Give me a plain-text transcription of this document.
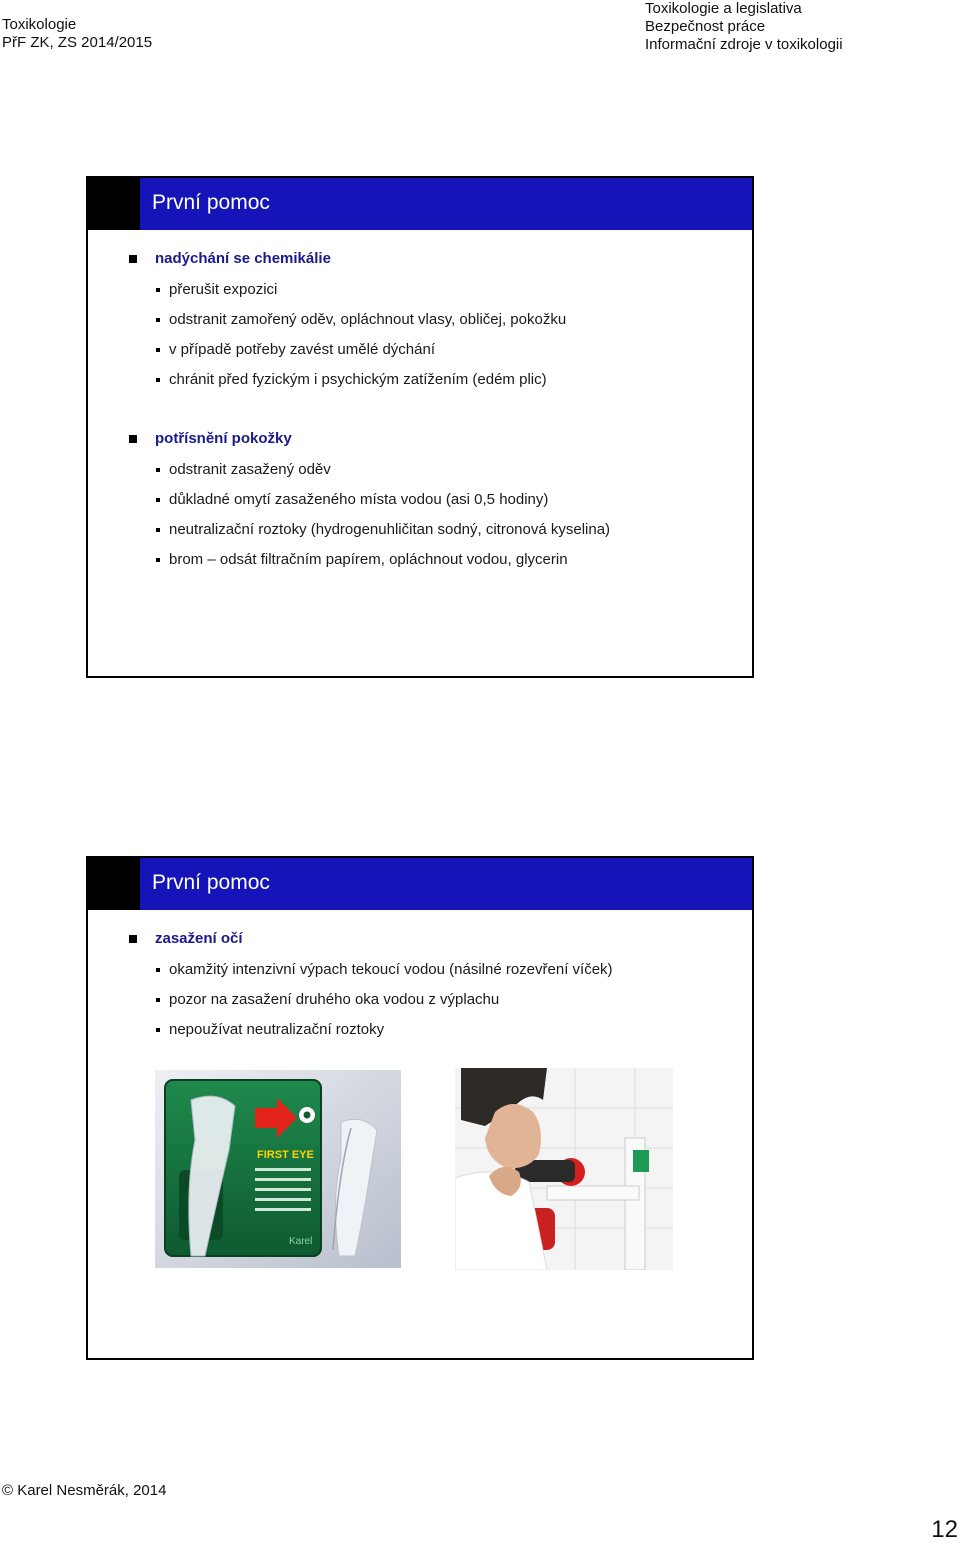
Toxikologie
PřF ZK, ZS 2014/2015
Toxikologie a legislativa
Bezpečnost práce
Informační zdroje v toxikologii
První pomoc
nadýchání se chemikálie
přerušit expozici
odstranit zamořený oděv, opláchnout vlasy, obličej, pokožku
v případě potřeby zavést umělé dýchání
chránit před fyzickým i psychickým zatížením (edém plic)
potřísnění pokožky
odstranit zasažený oděv
důkladné omytí zasaženého místa vodou (asi 0,5 hodiny)
neutralizační roztoky (hydrogenuhličitan sodný, citronová kyselina)
brom – odsát filtračním papírem, opláchnout vodou, glycerin
První pomoc
zasažení očí
okamžitý intenzivní výpach tekoucí vodou (násilné rozevření víček)
pozor na zasažení druhého oka vodou z výplachu
nepoužívat neutralizační roztoky
FIRST EYE
Karel
© Karel Nesměrák, 2014
12
